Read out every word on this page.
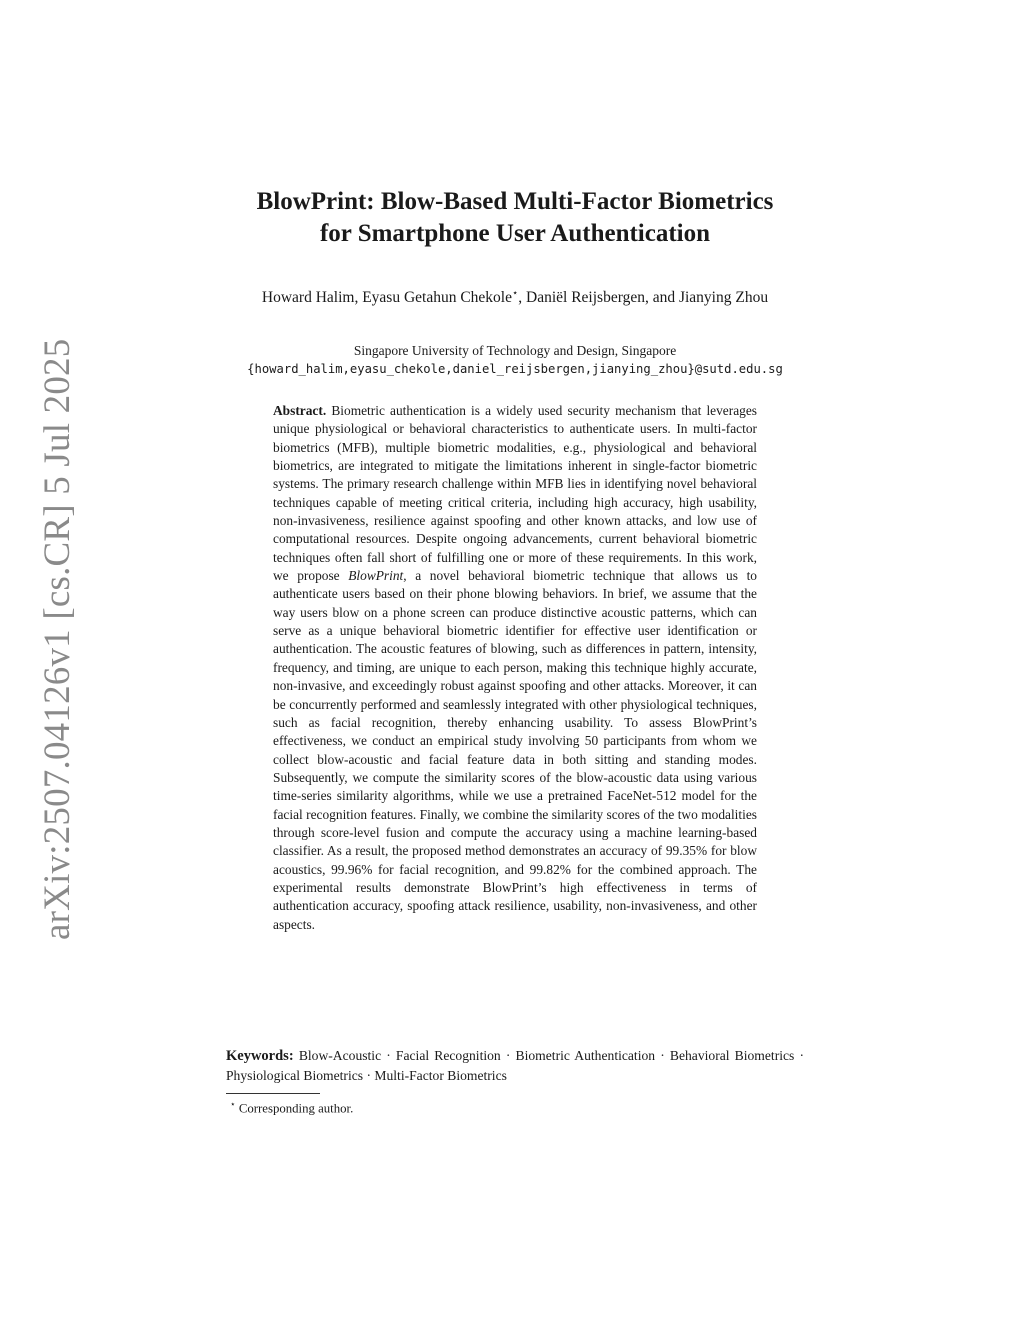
arXiv:2507.04126v1 [cs.CR] 5 Jul 2025
BlowPrint: Blow-Based Multi-Factor Biometrics
for Smartphone User Authentication
Howard Halim, Eyasu Getahun Chekole⋆, Daniël Reijsbergen, and Jianying Zhou
Singapore University of Technology and Design, Singapore
{howard_halim,eyasu_chekole,daniel_reijsbergen,jianying_zhou}@sutd.edu.sg
Abstract. Biometric authentication is a widely used security mechanism that leverages unique physiological or behavioral characteristics to authenticate users. In multi-factor biometrics (MFB), multiple biometric modalities, e.g., physiological and behavioral biometrics, are integrated to mitigate the limitations inherent in single-factor biometric systems. The primary research challenge within MFB lies in identifying novel behavioral techniques capable of meeting critical criteria, including high accuracy, high usability, non-invasiveness, resilience against spoofing and other known attacks, and low use of computational resources. Despite ongoing advancements, current behavioral biometric techniques often fall short of fulfilling one or more of these requirements. In this work, we propose BlowPrint, a novel behavioral biometric technique that allows us to authenticate users based on their phone blowing behaviors. In brief, we assume that the way users blow on a phone screen can produce distinctive acoustic patterns, which can serve as a unique behavioral biometric identifier for effective user identification or authentication. The acoustic features of blowing, such as differences in pattern, intensity, frequency, and timing, are unique to each person, making this technique highly accurate, non-invasive, and exceedingly robust against spoofing and other attacks. Moreover, it can be concurrently performed and seamlessly integrated with other physiological techniques, such as facial recognition, thereby enhancing usability. To assess BlowPrint’s effectiveness, we conduct an empirical study involving 50 participants from whom we collect blow-acoustic and facial feature data in both sitting and standing modes. Subsequently, we compute the similarity scores of the blow-acoustic data using various time-series similarity algorithms, while we use a pretrained FaceNet-512 model for the facial recognition features. Finally, we combine the similarity scores of the two modalities through score-level fusion and compute the accuracy using a machine learning-based classifier. As a result, the proposed method demonstrates an accuracy of 99.35% for blow acoustics, 99.96% for facial recognition, and 99.82% for the combined approach. The experimental results demonstrate BlowPrint’s high effectiveness in terms of authentication accuracy, spoofing attack resilience, usability, non-invasiveness, and other aspects.
Keywords: Blow-Acoustic · Facial Recognition · Biometric Authentication · Behavioral Biometrics · Physiological Biometrics · Multi-Factor Biometrics
⋆ Corresponding author.
